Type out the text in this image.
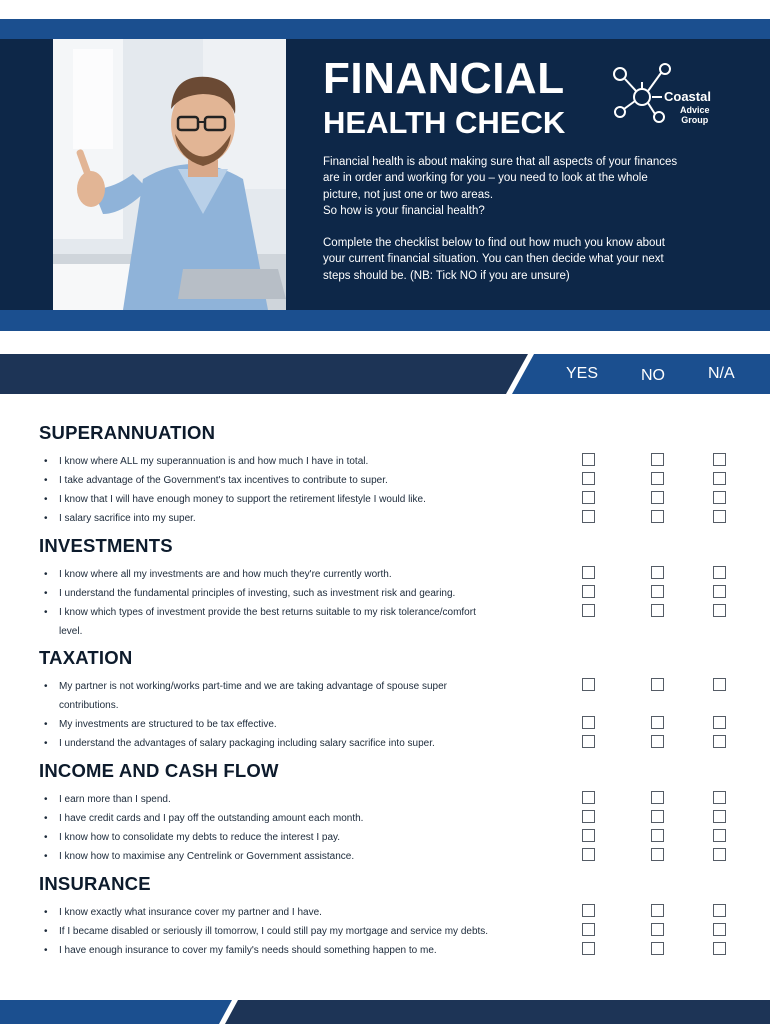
FINANCIAL
HEALTH CHECK
Coastal
Advice
Group

Financial health is about making sure that all aspects of your finances

are in order and working for you – you need to look at the whole

picture, not just one or two areas.

So how is your financial health?

Complete the checklist below to find out how much you know about

your current financial situation. You can then decide what your next

steps should be. (NB: Tick NO if you are unsure)

YES	NO	N/A
SUPERANNUATION
•	I know where ALL my superannuation is and how much I have in total.
•	I take advantage of the Government's tax incentives to contribute to super.
•	I know that I will have enough money to support the retirement lifestyle I would like.
•	I salary sacrifice into my super.
INVESTMENTS
•	I know where all my investments are and how much they're currently worth.
•	I understand the fundamental principles of investing, such as investment risk and gearing.
•	I know which types of investment provide the best returns suitable to my risk tolerance/comfort
level.
TAXATION
•	My partner is not working/works part-time and we are taking advantage of spouse super
contributions.
•	My investments are structured to be tax effective.
•	I understand the advantages of salary packaging including salary sacrifice into super.
INCOME AND CASH FLOW
•	I earn more than I spend.
•	I have credit cards and I pay off the outstanding amount each month.
•	I know how to consolidate my debts to reduce the interest I pay.
•	I know how to maximise any Centrelink or Government assistance.
INSURANCE
•	I know exactly what insurance cover my partner and I have.
•	If I became disabled or seriously ill tomorrow, I could still pay my mortgage and service my debts.
•	I have enough insurance to cover my family's needs should something happen to me.
